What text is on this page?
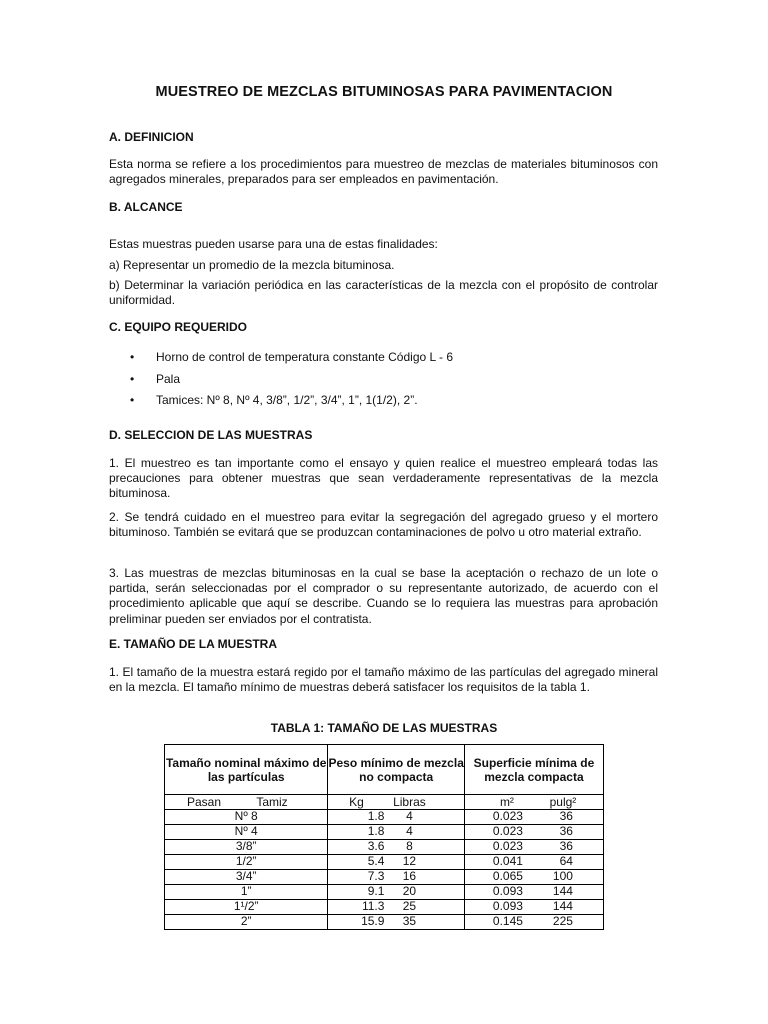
MUESTREO DE MEZCLAS BITUMINOSAS PARA PAVIMENTACION
A. DEFINICION

Esta norma se refiere a los procedimientos para muestreo de mezclas de materiales bituminosos con agregados minerales, preparados para ser empleados en pavimentación.

B. ALCANCE

Estas muestras pueden usarse para una de estas finalidades:

a) Representar un promedio de la mezcla bituminosa.

b) Determinar la variación periódica en las características de la mezcla con el propósito de controlar uniformidad.

C. EQUIPO REQUERIDO
• Horno de control de temperatura constante Código L - 6
• Pala
• Tamices: Nº 8, Nº 4, 3/8”, 1/2”, 3/4”, 1”, 1(1/2), 2”.
D. SELECCION DE LAS MUESTRAS

1. El muestreo es tan importante como el ensayo y quien realice el muestreo empleará todas las precauciones para obtener muestras que sean verdaderamente representativas de la mezcla bituminosa.

2. Se tendrá cuidado en el muestreo para evitar la segregación del agregado grueso y el mortero bituminoso. También se evitará que se produzcan contaminaciones de polvo u otro material extraño.

3. Las muestras de mezclas bituminosas en la cual se base la aceptación o rechazo de un lote o partida, serán seleccionadas por el comprador o su representante autorizado, de acuerdo con el procedimiento aplicable que aquí se describe. Cuando se lo requiera las muestras para aprobación preliminar pueden ser enviados por el contratista.

E. TAMAÑO DE LA MUESTRA

1. El tamaño de la muestra estará regido por el tamaño máximo de las partículas del agregado mineral en la mezcla. El tamaño mínimo de muestras deberá satisfacer los requisitos de la tabla 1.

TABLA 1: TAMAÑO DE LAS MUESTRAS
Tamaño nominal máximo de las partículas	Peso mínimo de mezcla no compacta	Superficie mínima de mezcla compacta
Pasan Tamiz	Kg Libras	m² pulg²
Nº 8	1.8 4	0.023 36
Nº 4	1.8 4	0.023 36
3/8”	3.6 8	0.023 36
1/2”	5.4 12	0.041 64
3/4”	7.3 16	0.065 100
1”	9.1 20	0.093 144
1¹/2”	11.3 25	0.093 144
2”	15.9 35	0.145 225
